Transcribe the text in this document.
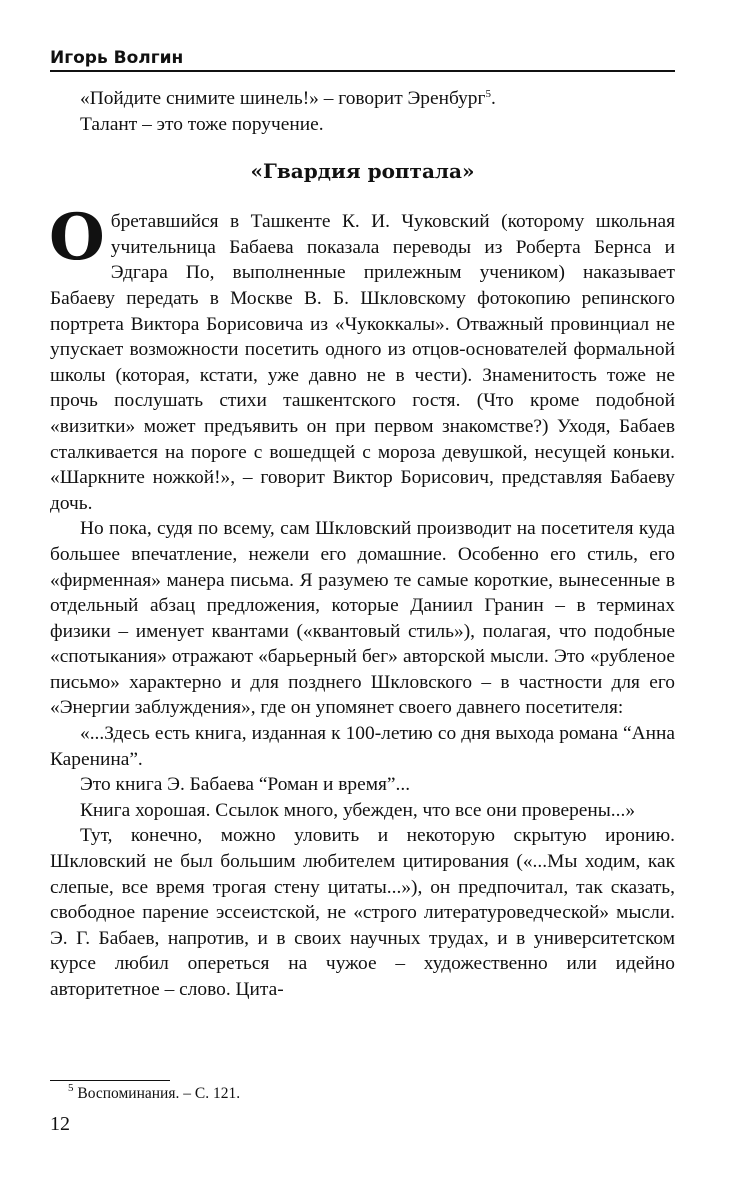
Игорь Волгин

«Пойдите снимите шинель!» – говорит Эренбург$^5$.

Талант – это тоже поручение.

«Гвардия роптала»

Обретавшийся в Ташкенте К. И. Чуковский (которому школьная учительница Бабаева показала переводы из Роберта Бернса и Эдгара По, выполненные прилежным учеником) наказывает Бабаеву передать в Москве В. Б. Шкловскому фотокопию репинского портрета Виктора Борисовича из «Чукоккалы». Отважный провинциал не упускает возможности посетить одного из отцов-основателей формальной школы (которая, кстати, уже давно не в чести). Знаменитость тоже не прочь послушать стихи ташкентского гостя. (Что кроме подобной «визитки» может предъявить он при первом знакомстве?) Уходя, Бабаев сталкивается на пороге с вошедщей с мороза девушкой, несущей коньки. «Шаркните ножкой!», – говорит Виктор Борисович, представляя Бабаеву дочь.

Но пока, судя по всему, сам Шкловский производит на посетителя куда большее впечатление, нежели его домашние. Особенно его стиль, его «фирменная» манера письма. Я разумею те самые короткие, вынесенные в отдельный абзац предложения, которые Даниил Гранин – в терминах физики – именует квантами («квантовый стиль»), полагая, что подобные «спотыкания» отражают «барьерный бег» авторской мысли. Это «рубленое письмо» характерно и для позднего Шкловского – в частности для его «Энергии заблуждения», где он упомянет своего давнего посетителя:

«...Здесь есть книга, изданная к 100-летию со дня выхода романа “Анна Каренина”.

Это книга Э. Бабаева “Роман и время”...

Книга хорошая. Ссылок много, убежден, что все они проверены...»

Тут, конечно, можно уловить и некоторую скрытую иронию. Шкловский не был большим любителем цитирования («...Мы ходим, как слепые, все время трогая стену цитаты...»), он предпочитал, так сказать, свободное парение эссеистской, не «строго литературоведческой» мысли. Э. Г. Бабаев, напротив, и в своих научных трудах, и в университетском курсе любил опереться на чужое – художественно или идейно авторитетное – слово. Цита-

$^5$ Воспоминания. – С. 121.
12
